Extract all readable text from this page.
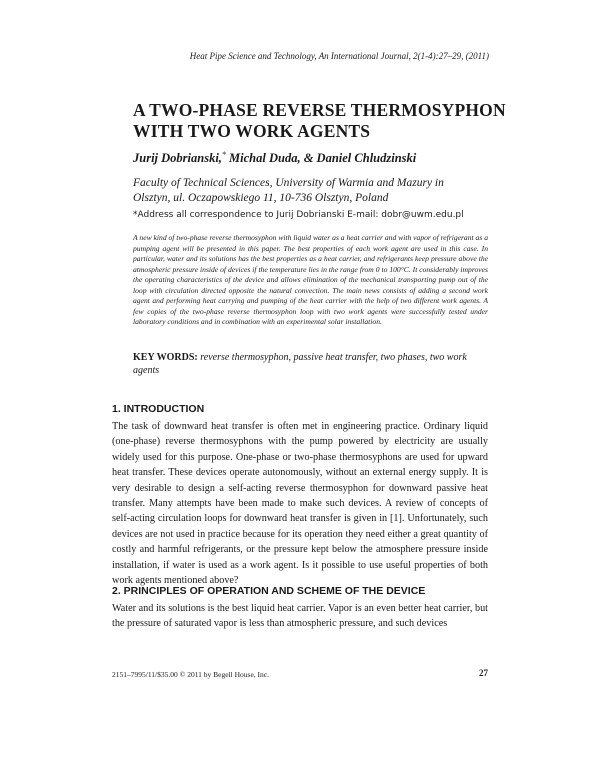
Heat Pipe Science and Technology, An International Journal, 2(1-4):27–29, (2011)
A TWO-PHASE REVERSE THERMOSYPHON WITH TWO WORK AGENTS
Jurij Dobrianski,* Michal Duda, & Daniel Chludzinski
Faculty of Technical Sciences, University of Warmia and Mazury in Olsztyn, ul. Oczapowskiego 11, 10-736 Olsztyn, Poland
*Address all correspondence to Jurij Dobrianski E-mail: dobr@uwm.edu.pl
A new kind of two-phase reverse thermosyphon with liquid water as a heat carrier and with vapor of refrigerant as a pumping agent will be presented in this paper. The best properties of each work agent are used in this case. In particular, water and its solutions has the best properties as a heat carrier, and refrigerants keep pressure above the atmospheric pressure inside of devices if the temperature lies in the range from 0 to 100°C. It considerably improves the operating characteristics of the device and allows elimination of the mechanical transporting pump out of the loop with circulation directed opposite the natural convection. The main news consists of adding a second work agent and performing heat carrying and pumping of the heat carrier with the help of two different work agents. A few copies of the two-phase reverse thermosyphon loop with two work agents were successfully tested under laboratory conditions and in combination with an experimental solar installation.
KEY WORDS: reverse thermosyphon, passive heat transfer, two phases, two work agents
1. INTRODUCTION
The task of downward heat transfer is often met in engineering practice. Ordinary liquid (one-phase) reverse thermosyphons with the pump powered by electricity are usually widely used for this purpose. One-phase or two-phase thermosyphons are used for upward heat transfer. These devices operate autonomously, without an external energy supply. It is very desirable to design a self-acting reverse thermosyphon for downward passive heat transfer. Many attempts have been made to make such devices. A review of concepts of self-acting circulation loops for downward heat transfer is given in [1]. Unfortunately, such devices are not used in practice because for its operation they need either a great quantity of costly and harmful refrigerants, or the pressure kept below the atmosphere pressure inside installation, if water is used as a work agent. Is it possible to use useful properties of both work agents mentioned above?
2. PRINCIPLES OF OPERATION AND SCHEME OF THE DEVICE
Water and its solutions is the best liquid heat carrier. Vapor is an even better heat carrier, but the pressure of saturated vapor is less than atmospheric pressure, and such devices
2151–7995/11/$35.00 © 2011 by Begell House, Inc.	27
